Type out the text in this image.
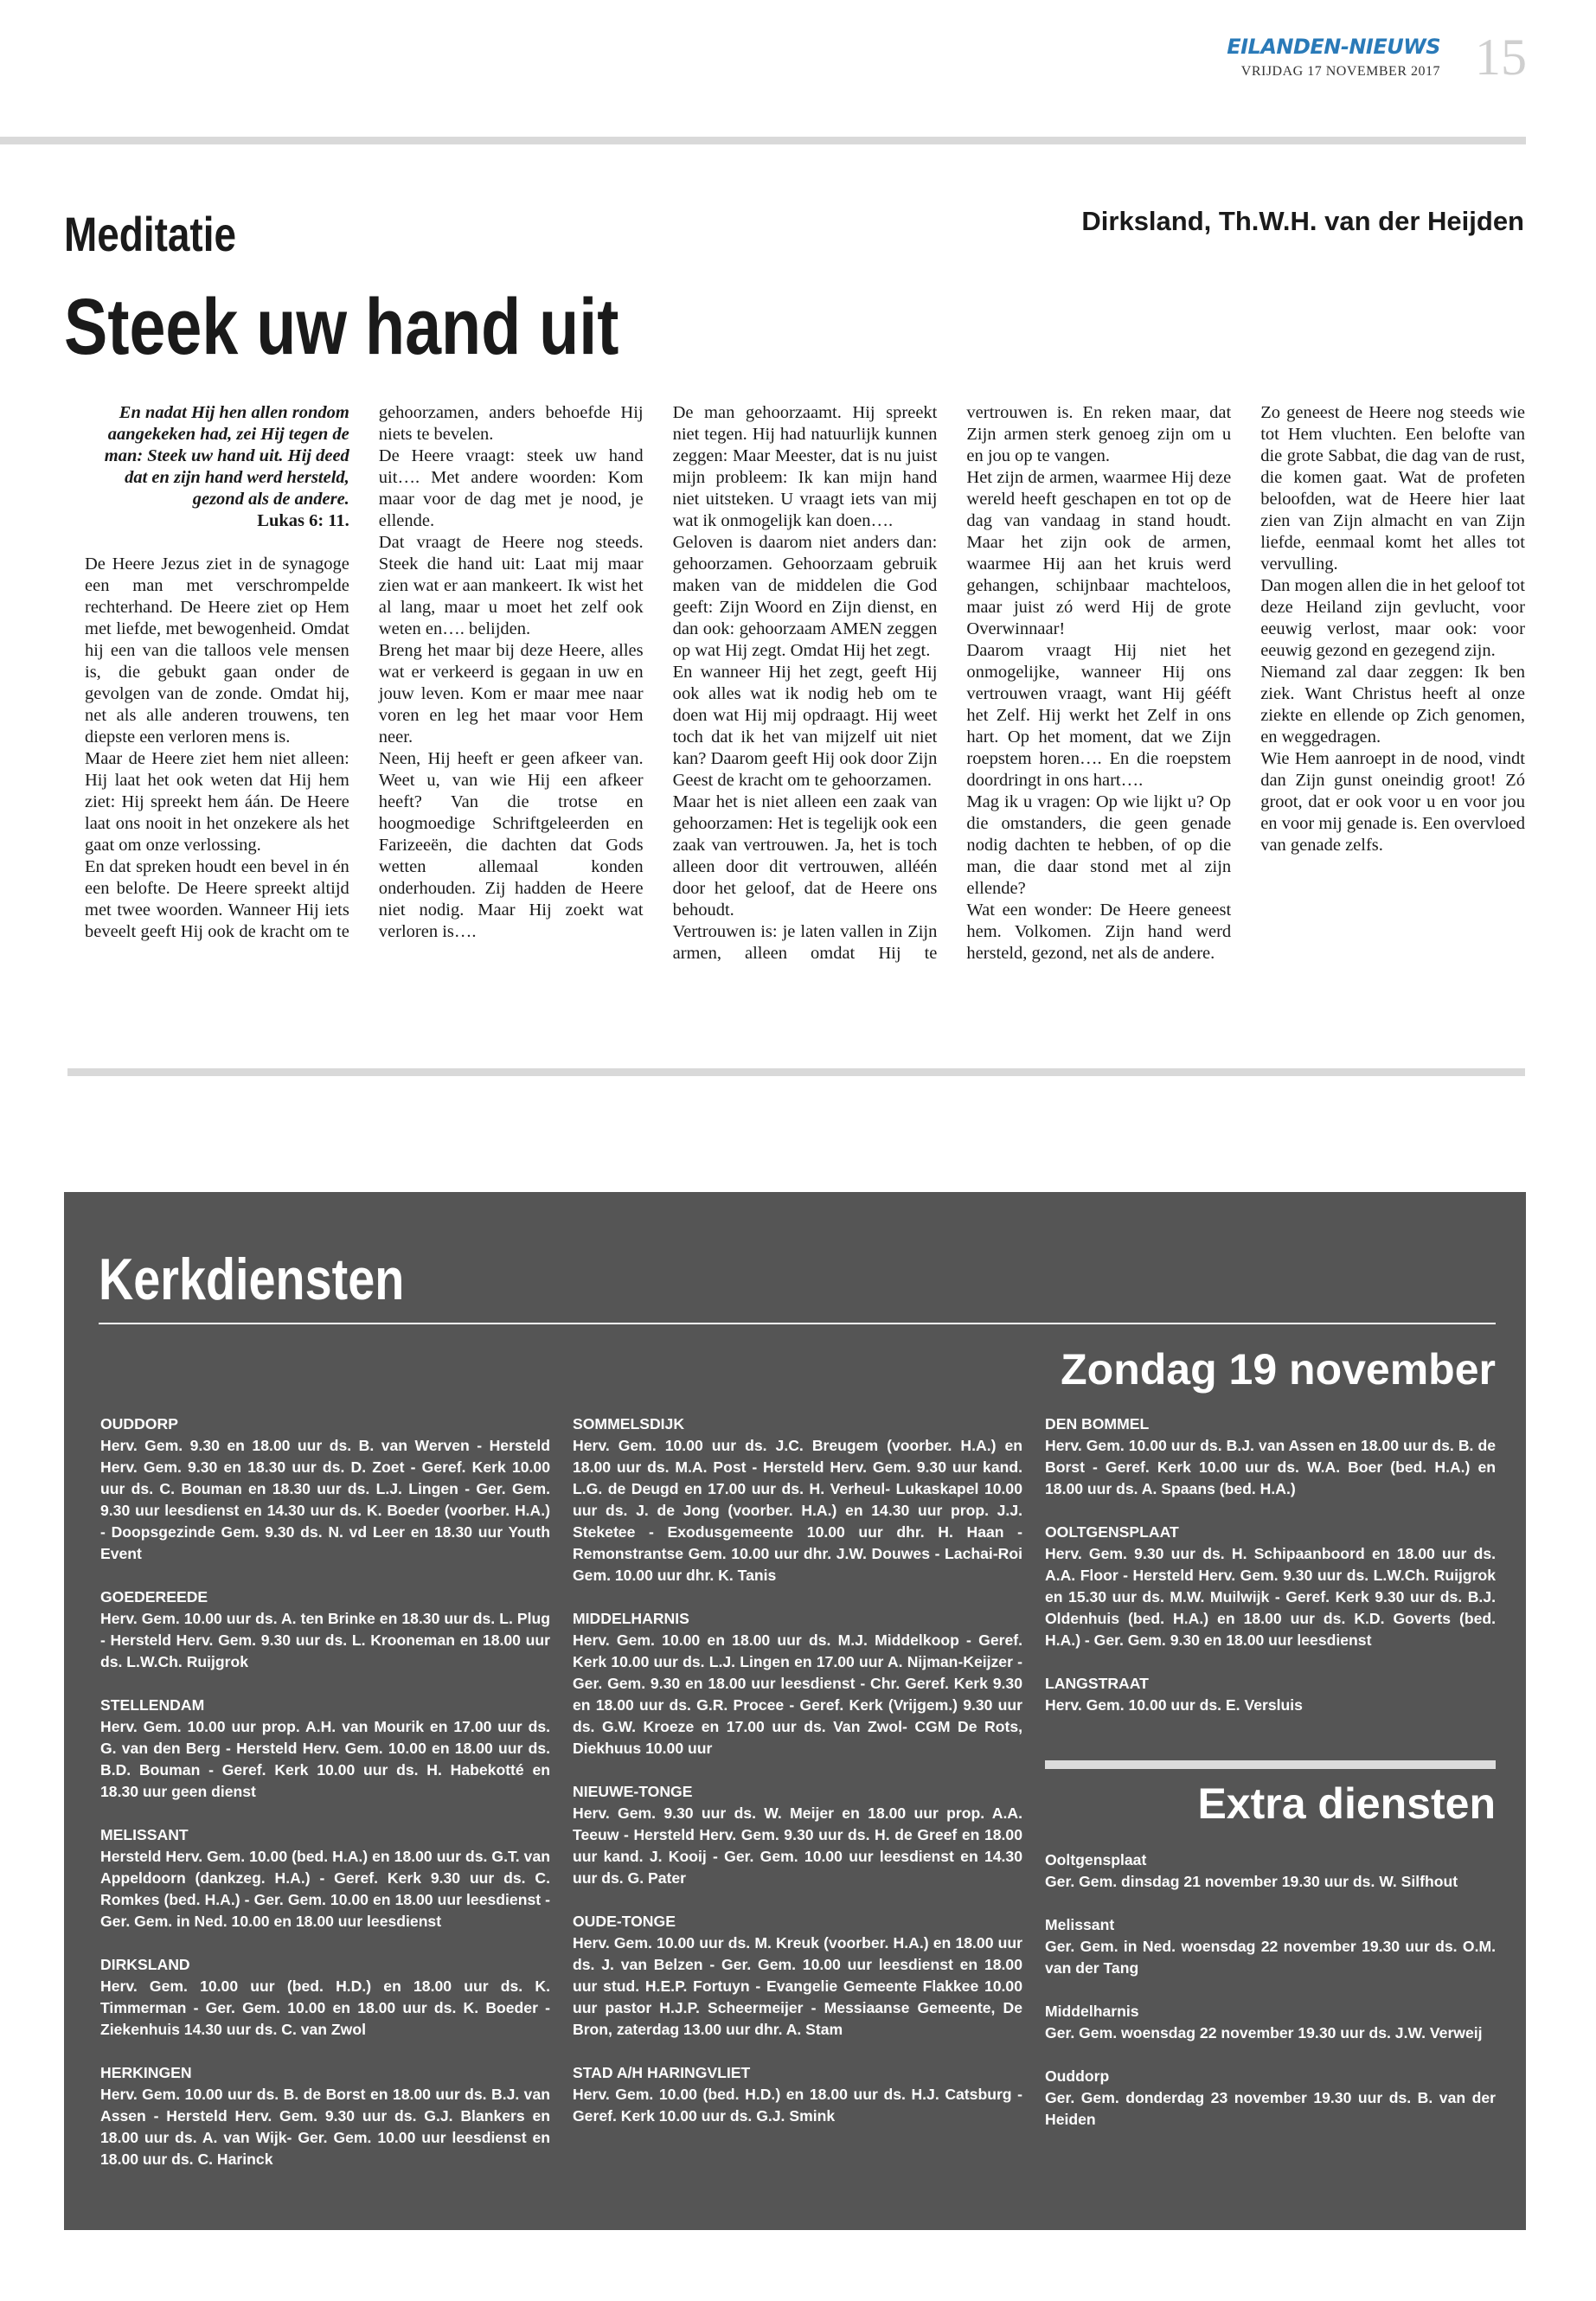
EILANDEN-NIEUWS
VRIJDAG 17 NOVEMBER 2017 15
Meditatie	Dirksland, Th.W.H. van der Heijden
Steek uw hand uit

En nadat Hij hen allen rondom aangekeken had, zei Hij tegen de man: Steek uw hand uit. Hij deed dat en zijn hand werd hersteld, gezond als de andere.

Lukas 6: 11.

De Heere Jezus ziet in de synagoge een man met verschrompelde rechterhand. De Heere ziet op Hem met liefde, met bewogenheid. Omdat hij een van die talloos vele mensen is, die gebukt gaan onder de gevolgen van de zonde. Omdat hij, net als alle anderen trouwens, ten diepste een verloren mens is.

Maar de Heere ziet hem niet alleen: Hij laat het ook weten dat Hij hem ziet: Hij spreekt hem áán. De Heere laat ons nooit in het onzekere als het gaat om onze verlossing.

En dat spreken houdt een bevel in én een belofte. De Heere spreekt altijd met twee woorden. Wanneer Hij iets beveelt geeft Hij ook de kracht om te gehoorzamen, anders behoefde Hij niets te bevelen.

De Heere vraagt: steek uw hand uit…. Met andere woorden: Kom maar voor de dag met je nood, je ellende.

Dat vraagt de Heere nog steeds. Steek die hand uit: Laat mij maar zien wat er aan mankeert. Ik wist het al lang, maar u moet het zelf ook weten en…. belijden.

Breng het maar bij deze Heere, alles wat er verkeerd is gegaan in uw en jouw leven. Kom er maar mee naar voren en leg het maar voor Hem neer.

Neen, Hij heeft er geen afkeer van. Weet u, van wie Hij een afkeer heeft? Van die trotse en hoogmoedige Schriftgeleerden en Farizeeën, die dachten dat Gods wetten allemaal konden onderhouden. Zij hadden de Heere niet nodig. Maar Hij zoekt wat verloren is….

De man gehoorzaamt. Hij spreekt niet tegen. Hij had natuurlijk kunnen zeggen: Maar Meester, dat is nu juist mijn probleem: Ik kan mijn hand niet uitsteken. U vraagt iets van mij wat ik onmogelijk kan doen….

Geloven is daarom niet anders dan: gehoorzamen. Gehoorzaam gebruik maken van de middelen die God geeft: Zijn Woord en Zijn dienst, en dan ook: gehoorzaam AMEN zeggen op wat Hij zegt. Omdat Hij het zegt.

En wanneer Hij het zegt, geeft Hij ook alles wat ik nodig heb om te doen wat Hij mij opdraagt. Hij weet toch dat ik het van mijzelf uit niet kan? Daarom geeft Hij ook door Zijn Geest de kracht om te gehoorzamen.

Maar het is niet alleen een zaak van gehoorzamen: Het is tegelijk ook een zaak van vertrouwen. Ja, het is toch alleen door dit vertrouwen, alléén door het geloof, dat de Heere ons behoudt.

Vertrouwen is: je laten vallen in Zijn armen, alleen omdat Hij te vertrouwen is. En reken maar, dat Zijn armen sterk genoeg zijn om u en jou op te vangen.

Het zijn de armen, waarmee Hij deze wereld heeft geschapen en tot op de dag van vandaag in stand houdt. Maar het zijn ook de armen, waarmee Hij aan het kruis werd gehangen, schijnbaar machteloos, maar juist zó werd Hij de grote Overwinnaar!

Daarom vraagt Hij niet het onmogelijke, wanneer Hij ons vertrouwen vraagt, want Hij gééft het Zelf. Hij werkt het Zelf in ons hart. Op het moment, dat we Zijn roepstem horen…. En die roepstem doordringt in ons hart….

Mag ik u vragen: Op wie lijkt u? Op die omstanders, die geen genade nodig dachten te hebben, of op die man, die daar stond met al zijn ellende?

Wat een wonder: De Heere geneest hem. Volkomen. Zijn hand werd hersteld, gezond, net als de andere.

Zo geneest de Heere nog steeds wie tot Hem vluchten. Een belofte van die grote Sabbat, die dag van de rust, die komen gaat. Wat de profeten beloofden, wat de Heere hier laat zien van Zijn almacht en van Zijn liefde, eenmaal komt het alles tot vervulling.

Dan mogen allen die in het geloof tot deze Heiland zijn gevlucht, voor eeuwig verlost, maar ook: voor eeuwig gezond en gezegend zijn.

Niemand zal daar zeggen: Ik ben ziek. Want Christus heeft al onze ziekte en ellende op Zich genomen, en weggedragen.

Wie Hem aanroept in de nood, vindt dan Zijn gunst oneindig groot! Zó groot, dat er ook voor u en voor jou en voor mij genade is. Een overvloed van genade zelfs.

Kerkdiensten
Zondag 19 november
OUDDORP
Herv. Gem. 9.30 en 18.00 uur ds. B. van Werven - Hersteld Herv. Gem. 9.30 en 18.30 uur ds. D. Zoet - Geref. Kerk 10.00 uur ds. C. Bouman en 18.30 uur ds. L.J. Lingen - Ger. Gem. 9.30 uur leesdienst en 14.30 uur ds. K. Boeder (voorber. H.A.) - Doopsgezinde Gem. 9.30 ds. N. vd Leer en 18.30 uur Youth Event
GOEDEREEDE
Herv. Gem. 10.00 uur ds. A. ten Brinke en 18.30 uur ds. L. Plug - Hersteld Herv. Gem. 9.30 uur ds. L. Krooneman en 18.00 uur ds. L.W.Ch. Ruijgrok
STELLENDAM
Herv. Gem. 10.00 uur prop. A.H. van Mourik en 17.00 uur ds. G. van den Berg - Hersteld Herv. Gem. 10.00 en 18.00 uur ds. B.D. Bouman - Geref. Kerk 10.00 uur ds. H. Habekotté en 18.30 uur geen dienst
MELISSANT
Hersteld Herv. Gem. 10.00 (bed. H.A.) en 18.00 uur ds. G.T. van Appeldoorn (dankzeg. H.A.) - Geref. Kerk 9.30 uur ds. C. Romkes (bed. H.A.) - Ger. Gem. 10.00 en 18.00 uur leesdienst - Ger. Gem. in Ned. 10.00 en 18.00 uur leesdienst
DIRKSLAND
Herv. Gem. 10.00 uur (bed. H.D.) en 18.00 uur ds. K. Timmerman - Ger. Gem. 10.00 en 18.00 uur ds. K. Boeder - Ziekenhuis 14.30 uur ds. C. van Zwol
HERKINGEN
Herv. Gem. 10.00 uur ds. B. de Borst en 18.00 uur ds. B.J. van Assen - Hersteld Herv. Gem. 9.30 uur ds. G.J. Blankers en 18.00 uur ds. A. van Wijk- Ger. Gem. 10.00 uur leesdienst en 18.00 uur ds. C. Harinck
SOMMELSDIJK
Herv. Gem. 10.00 uur ds. J.C. Breugem (voorber. H.A.) en 18.00 uur ds. M.A. Post - Hersteld Herv. Gem. 9.30 uur kand. L.G. de Deugd en 17.00 uur ds. H. Verheul- Lukaskapel 10.00 uur ds. J. de Jong (voorber. H.A.) en 14.30 uur prop. J.J. Steketee - Exodusgemeente 10.00 uur dhr. H. Haan - Remonstrantse Gem. 10.00 uur dhr. J.W. Douwes - Lachai-Roi Gem. 10.00 uur dhr. K. Tanis
MIDDELHARNIS
Herv. Gem. 10.00 en 18.00 uur ds. M.J. Middelkoop - Geref. Kerk 10.00 uur ds. L.J. Lingen en 17.00 uur A. Nijman-Keijzer - Ger. Gem. 9.30 en 18.00 uur leesdienst - Chr. Geref. Kerk 9.30 en 18.00 uur ds. G.R. Procee - Geref. Kerk (Vrijgem.) 9.30 uur ds. G.W. Kroeze en 17.00 uur ds. Van Zwol- CGM De Rots, Diekhuus 10.00 uur
NIEUWE-TONGE
Herv. Gem. 9.30 uur ds. W. Meijer en 18.00 uur prop. A.A. Teeuw - Hersteld Herv. Gem. 9.30 uur ds. H. de Greef en 18.00 uur kand. J. Kooij - Ger. Gem. 10.00 uur leesdienst en 14.30 uur ds. G. Pater
OUDE-TONGE
Herv. Gem. 10.00 uur ds. M. Kreuk (voorber. H.A.) en 18.00 uur ds. J. van Belzen - Ger. Gem. 10.00 uur leesdienst en 18.00 uur stud. H.E.P. Fortuyn - Evangelie Gemeente Flakkee 10.00 uur pastor H.J.P. Scheermeijer - Messiaanse Gemeente, De Bron, zaterdag 13.00 uur dhr. A. Stam
STAD A/H HARINGVLIET
Herv. Gem. 10.00 (bed. H.D.) en 18.00 uur ds. H.J. Catsburg - Geref. Kerk 10.00 uur ds. G.J. Smink
DEN BOMMEL
Herv. Gem. 10.00 uur ds. B.J. van Assen en 18.00 uur ds. B. de Borst - Geref. Kerk 10.00 uur ds. W.A. Boer (bed. H.A.) en 18.00 uur ds. A. Spaans (bed. H.A.)
OOLTGENSPLAAT
Herv. Gem. 9.30 uur ds. H. Schipaanboord en 18.00 uur ds. A.A. Floor - Hersteld Herv. Gem. 9.30 uur ds. L.W.Ch. Ruijgrok en 15.30 uur ds. M.W. Muilwijk - Geref. Kerk 9.30 uur ds. B.J. Oldenhuis (bed. H.A.) en 18.00 uur ds. K.D. Goverts (bed. H.A.) - Ger. Gem. 9.30 en 18.00 uur leesdienst
LANGSTRAAT
Herv. Gem. 10.00 uur ds. E. Versluis
Extra diensten
Ooltgensplaat
Ger. Gem. dinsdag 21 november 19.30 uur ds. W. Silfhout
Melissant
Ger. Gem. in Ned. woensdag 22 november 19.30 uur ds. O.M. van der Tang
Middelharnis
Ger. Gem. woensdag 22 november 19.30 uur ds. J.W. Verweij
Ouddorp
Ger. Gem. donderdag 23 november 19.30 uur ds. B. van der Heiden
